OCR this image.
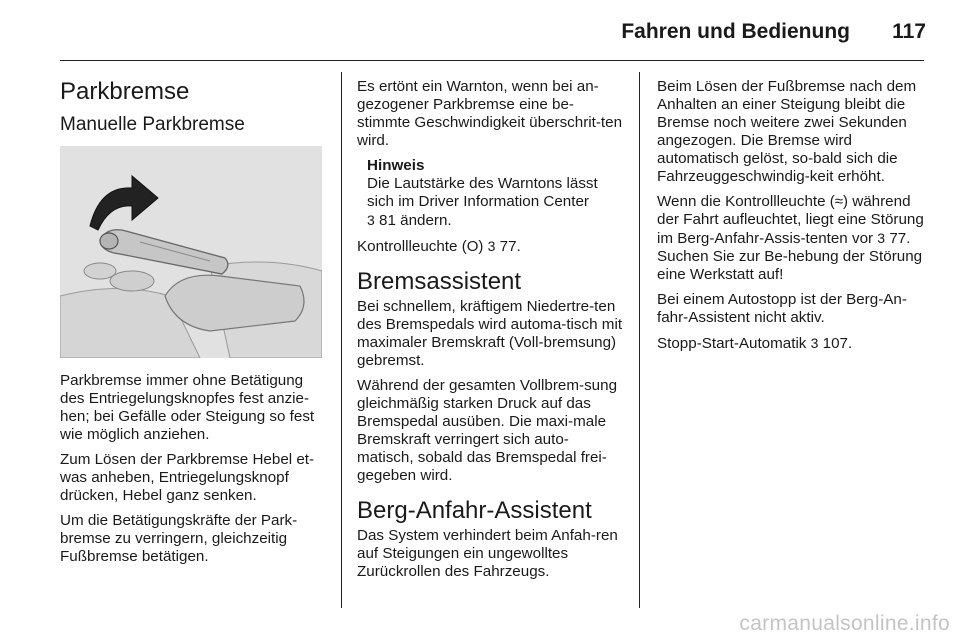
Fahren und Bedienung	117
Parkbremse
Manuelle Parkbremse

Parkbremse immer ohne Betätigung des Entriegelungsknopfes fest anzie-hen; bei Gefälle oder Steigung so fest wie möglich anziehen.

Zum Lösen der Parkbremse Hebel et-was anheben, Entriegelungsknopf drücken, Hebel ganz senken.

Um die Betätigungskräfte der Park-bremse zu verringern, gleichzeitig Fußbremse betätigen.

Es ertönt ein Warnton, wenn bei an-gezogener Parkbremse eine be-stimmte Geschwindigkeit überschrit-ten wird.

Hinweis
Die Lautstärke des Warntons lässt sich im Driver Information Center
3 81 ändern.

Kontrollleuchte (O) 3 77.

Bremsassistent

Bei schnellem, kräftigem Niedertre-ten des Bremspedals wird automa-tisch mit maximaler Bremskraft (Voll-bremsung) gebremst.

Während der gesamten Vollbrem-sung gleichmäßig starken Druck auf das Bremspedal ausüben. Die maxi-male Bremskraft verringert sich auto-matisch, sobald das Bremspedal frei-gegeben wird.

Berg-Anfahr-Assistent

Das System verhindert beim Anfah-ren auf Steigungen ein ungewolltes Zurückrollen des Fahrzeugs.

Beim Lösen der Fußbremse nach dem Anhalten an einer Steigung bleibt die Bremse noch weitere zwei Sekunden angezogen. Die Bremse wird automatisch gelöst, so-bald sich die Fahrzeuggeschwindig-keit erhöht.

Wenn die Kontrollleuchte (≈) während der Fahrt aufleuchtet, liegt eine Störung im Berg-Anfahr-Assis-tenten vor 3 77. Suchen Sie zur Be-hebung der Störung eine Werkstatt auf!

Bei einem Autostopp ist der Berg-An-fahr-Assistent nicht aktiv.

Stopp-Start-Automatik 3 107.

carmanualsonline.info
